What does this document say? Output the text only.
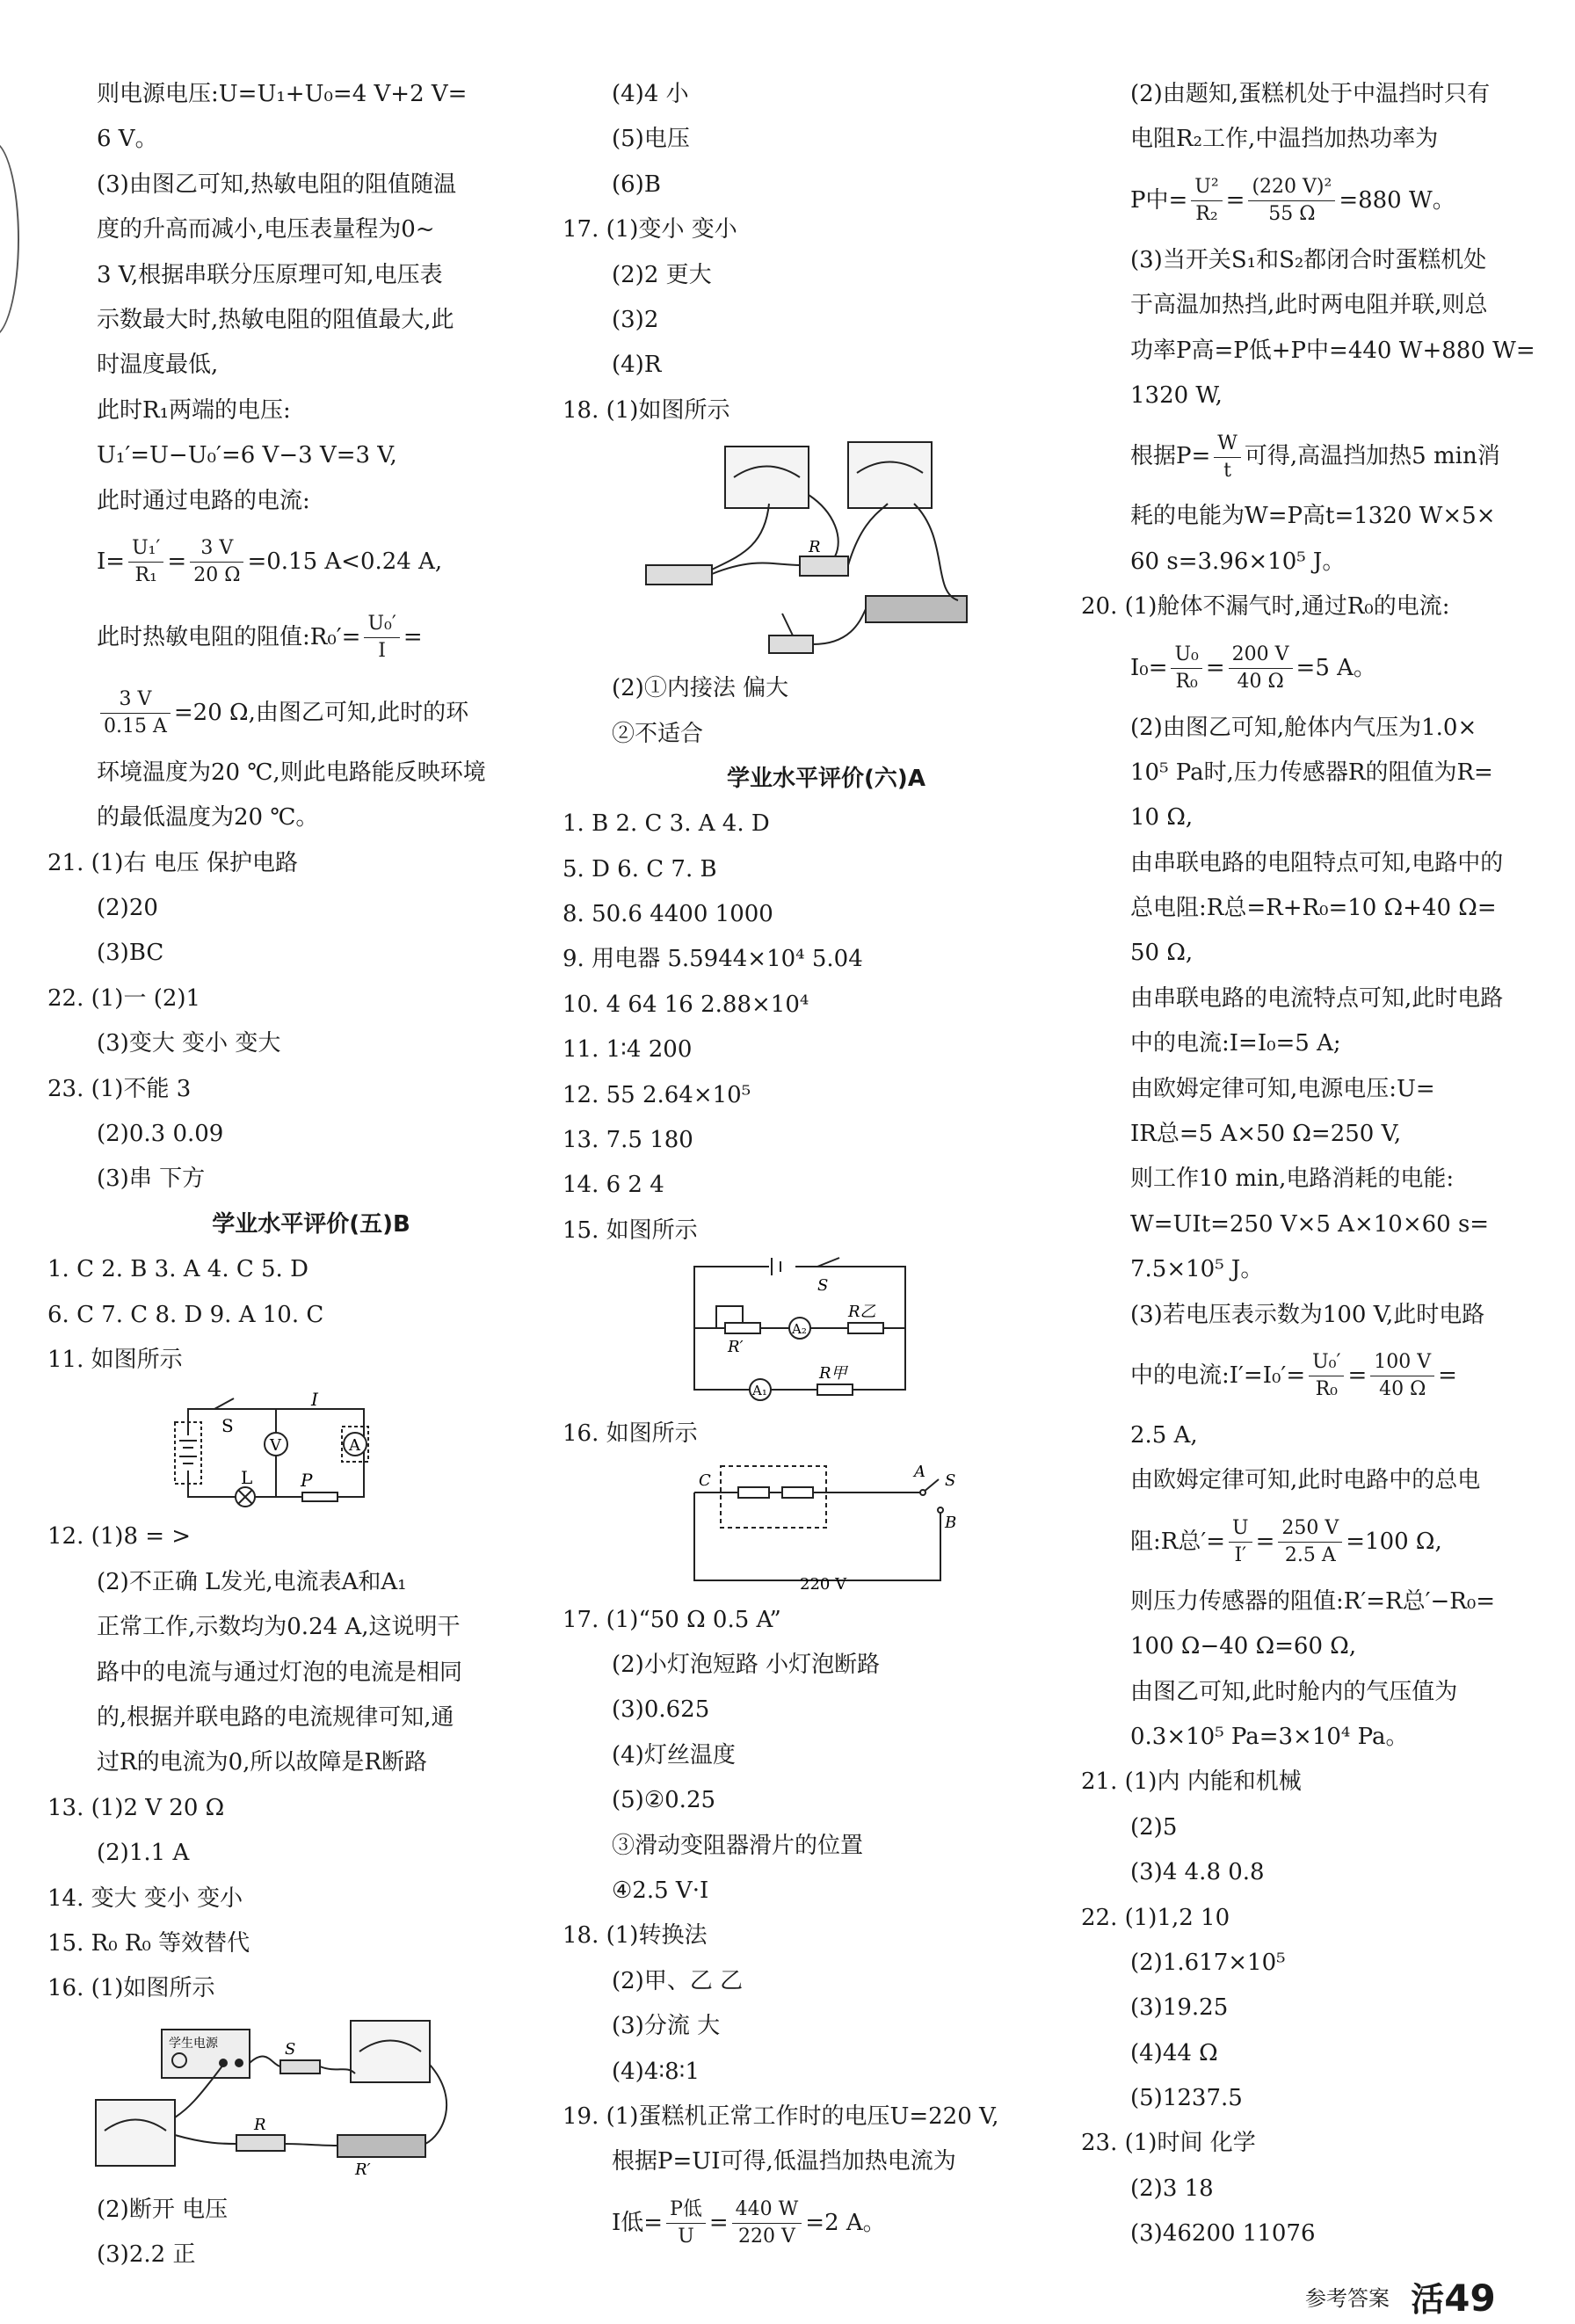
则电源电压:U=U₁+U₀=4 V+2 V=
6 V。
(3)由图乙可知,热敏电阻的阻值随温
度的升高而减小,电压表量程为0~
3 V,根据串联分压原理可知,电压表
示数最大时,热敏电阻的阻值最大,此
时温度最低,
此时R₁两端的电压:
U₁′=U−U₀′=6 V−3 V=3 V,
此时通过电路的电流:
$I= \frac{\text{U₁′}}{\text{R₁}} = \frac{3 V}{20 \Omega} =0.15$ A<0.24 A,
此时热敏电阻的阻值:R₀′= $\frac{\text{U₀′}}{I}$ =
$\frac{3 V}{0.15 A} =20$ Ω,由图乙可知,此时的环
环境温度为20 ℃,则此电路能反映环境
的最低温度为20 ℃。
21. (1)右 电压 保护电路
(2)20
(3)BC
22. (1)一 (2)1
(3)变大 变小 变大
23. (1)不能 3
(2)0.3 0.09
(3)串 下方
学业水平评价(五)B
1. C 2. B 3. A 4. C 5. D
6. C 7. C 8. D 9. A 10. C
11. 如图所示
S
I
L	P
V	A
12. (1)8 = >
(2)不正确 L发光,电流表A和A₁
正常工作,示数均为0.24 A,这说明干
路中的电流与通过灯泡的电流是相同
的,根据并联电路的电流规律可知,通
过R的电流为0,所以故障是R断路
13. (1)2 V 20 Ω
(2)1.1 A
14. 变大 变小 变小
15. R₀ R₀ 等效替代
16. (1)如图所示
学生电源	S
R
R′
(2)断开 电压
(3)2.2 正
(4)4 小
(5)电压
(6)B
17. (1)变小 变小
(2)2 更大
(3)2
(4)R
18. (1)如图所示
R
(2)①内接法 偏大
②不适合
学业水平评价(六)A
1. B 2. C 3. A 4. D
5. D 6. C 7. B
8. 50.6 4400 1000
9. 用电器 5.5944×10⁴ 5.04
10. 4 64 16 2.88×10⁴
11. 1∶4 200
12. 55 2.64×10⁵
13. 7.5 180
14. 6 2 4
15. 如图所示
S
R乙
R′
R甲
A₂
A₁
16. 如图所示
C	A S
B
220 V
17. (1)“50 Ω 0.5 A”
(2)小灯泡短路 小灯泡断路
(3)0.625
(4)灯丝温度
(5)②0.25
③滑动变阻器滑片的位置
④2.5 V·I
18. (1)转换法
(2)甲、乙 乙
(3)分流 大
(4)4∶8∶1
19. (1)蛋糕机正常工作时的电压U=220 V,
根据P=UI可得,低温挡加热电流为
I低= P低
U
= $\frac{440 W}{220 V} =2$ A。
(2)由题知,蛋糕机处于中温挡时只有
电阻R₂工作,中温挡加热功率为
P中= $\frac{\text{U²}}{\text{R₂}} = \frac{\text{(220 V)²}}{55 \Omega} =880$ W。
(3)当开关S₁和S₂都闭合时蛋糕机处
于高温加热挡,此时两电阻并联,则总
功率P高=P低+P中=440 W+880 W=
1320 W,
根据$P= \frac{W}{t}$ 可得,高温挡加热5 min消
耗的电能为W=P高t=1320 W×5×
60 s=3.96×10⁵ J。
20. (1)舱体不漏气时,通过R₀的电流:
$I_0= \frac{\text{U₀}}{\text{R₀}} = \frac{200 V}{40 \Omega} =5$ A。
(2)由图乙可知,舱体内气压为1.0×
10⁵ Pa时,压力传感器R的阻值为R=
10 Ω,
由串联电路的电阻特点可知,电路中的
总电阻:R总=R+R₀=10 Ω+40 Ω=
50 Ω,
由串联电路的电流特点可知,此时电路
中的电流:I=I₀=5 A;
由欧姆定律可知,电源电压:U=
IR总=5 A×50 Ω=250 V,
则工作10 min,电路消耗的电能:
W=UIt=250 V×5 A×10×60 s=
7.5×10⁵ J。
(3)若电压表示数为100 V,此时电路
中的电流:I′=I₀′= $\frac{\text{U₀′}}{\text{R₀}} = \frac{100 V}{40 \Omega}$ =
2.5 A,
由欧姆定律可知,此时电路中的总电
阻:R总′= $\frac{U}{I'} = \frac{250 V}{2.5 A} =100$ Ω,
则压力传感器的阻值:R′=R总′−R₀=
100 Ω−40 Ω=60 Ω,
由图乙可知,此时舱内的气压值为
0.3×10⁵ Pa=3×10⁴ Pa。
21. (1)内 内能和机械
(2)5
(3)4 4.8 0.8
22. (1)1,2 10
(2)1.617×10⁵
(3)19.25
(4)44 Ω
(5)1237.5
23. (1)时间 化学
(2)3 18
(3)46200 11076
参考答案 活49
